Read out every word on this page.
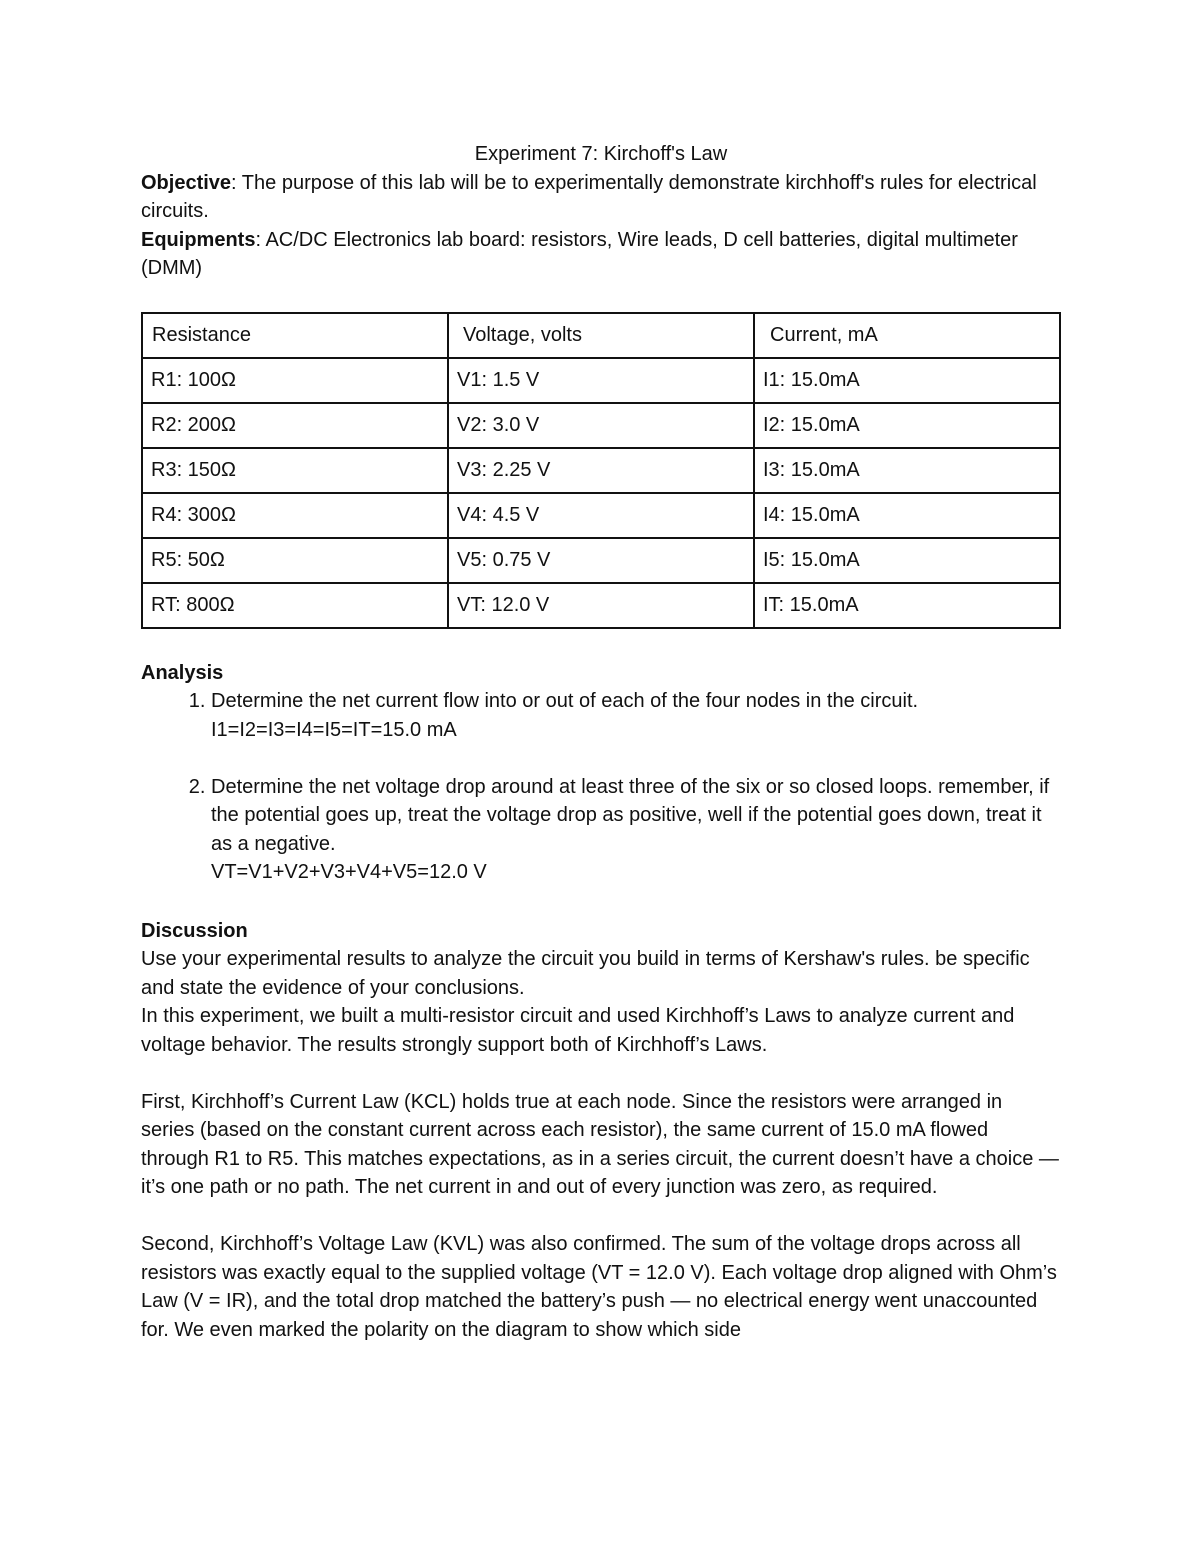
Experiment 7: Kirchoff's Law

Objective: The purpose of this lab will be to experimentally demonstrate kirchhoff's rules for electrical circuits.

Equipments: AC/DC Electronics lab board: resistors, Wire leads, D cell batteries, digital multimeter (DMM)

Resistance	Voltage, volts	Current, mA
R1: 100Ω	V1: 1.5 V	I1: 15.0mA
R2: 200Ω	V2: 3.0 V	I2: 15.0mA
R3: 150Ω	V3: 2.25 V	I3: 15.0mA
R4: 300Ω	V4: 4.5 V	I4: 15.0mA
R5: 50Ω	V5: 0.75 V	I5: 15.0mA
RT: 800Ω	VT: 12.0 V	IT: 15.0mA

Analysis

1. Determine the net current flow into or out of each of the four nodes in the circuit.
I1=I2=I3=I4=I5=IT=15.0 mA
2. Determine the net voltage drop around at least three of the six or so closed loops. remember, if the potential goes up, treat the voltage drop as positive, well if the potential goes down, treat it as a negative.
VT=V1+V2+V3+V4+V5=12.0 V

Discussion

Use your experimental results to analyze the circuit you build in terms of Kershaw's rules. be specific and state the evidence of your conclusions.

In this experiment, we built a multi-resistor circuit and used Kirchhoff’s Laws to analyze current and voltage behavior. The results strongly support both of Kirchhoff’s Laws.

First, Kirchhoff’s Current Law (KCL) holds true at each node. Since the resistors were arranged in series (based on the constant current across each resistor), the same current of 15.0 mA flowed through R1 to R5. This matches expectations, as in a series circuit, the current doesn’t have a choice — it’s one path or no path. The net current in and out of every junction was zero, as required.

Second, Kirchhoff’s Voltage Law (KVL) was also confirmed. The sum of the voltage drops across all resistors was exactly equal to the supplied voltage (VT = 12.0 V). Each voltage drop aligned with Ohm’s Law (V = IR), and the total drop matched the battery’s push — no electrical energy went unaccounted for. We even marked the polarity on the diagram to show which side
